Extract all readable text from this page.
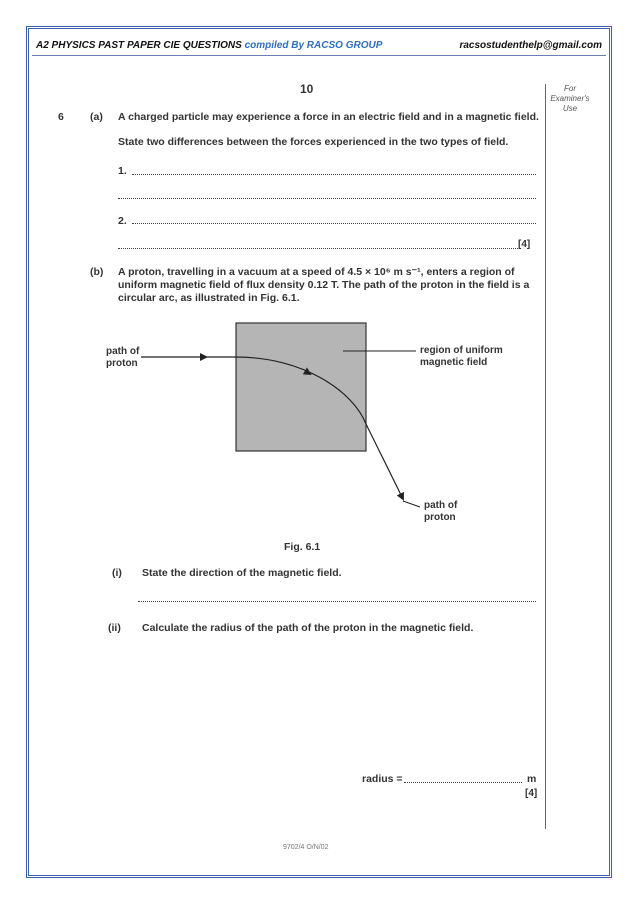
A2 PHYSICS PAST PAPER CIE QUESTIONS compiled By RACSO GROUP	racsostudenthelp@gmail.com
10	For Examiner's Use
6 (a) A charged particle may experience a force in an electric field and in a magnetic field.
State two differences between the forces experienced in the two types of field.
1.
2.
[4]
(b) A proton, travelling in a vacuum at a speed of 4.5 × 10⁶ m s⁻¹, enters a region of uniform magnetic field of flux density 0.12 T. The path of the proton in the field is a circular arc, as illustrated in Fig. 6.1.
path of proton
region of uniform magnetic field
path of proton
Fig. 6.1
(i) State the direction of the magnetic field.
(ii) Calculate the radius of the path of the proton in the magnetic field.
radius =	m
[4]
9702/4 O/N/02
